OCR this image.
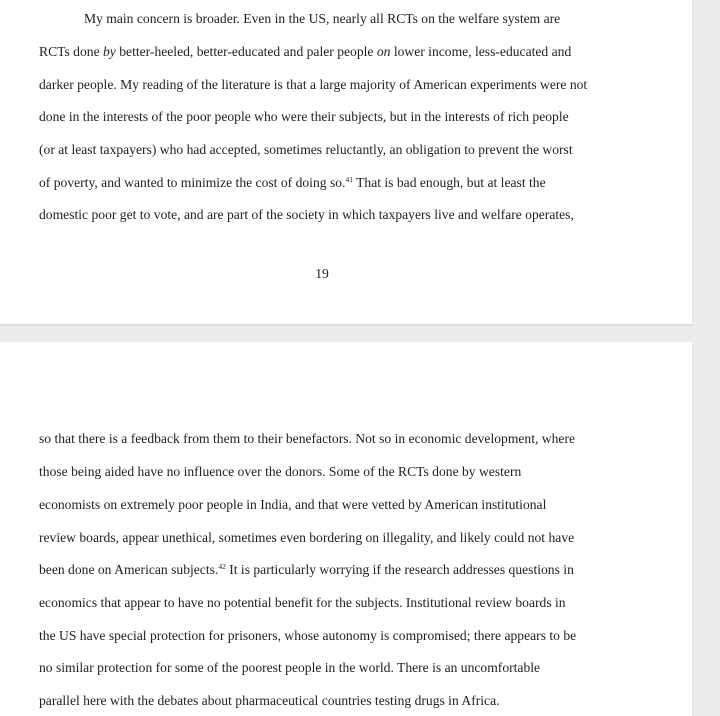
My main concern is broader. Even in the US, nearly all RCTs on the welfare system are

RCTs done by better-heeled, better-educated and paler people on lower income, less-educated and

darker people. My reading of the literature is that a large majority of American experiments were not

done in the interests of the poor people who were their subjects, but in the interests of rich people

(or at least taxpayers) who had accepted, sometimes reluctantly, an obligation to prevent the worst

of poverty, and wanted to minimize the cost of doing so.$^{41}$ That is bad enough, but at least the

domestic poor get to vote, and are part of the society in which taxpayers live and welfare operates,

19

so that there is a feedback from them to their benefactors. Not so in economic development, where

those being aided have no influence over the donors. Some of the RCTs done by western

economists on extremely poor people in India, and that were vetted by American institutional

review boards, appear unethical, sometimes even bordering on illegality, and likely could not have

been done on American subjects.$^{42}$ It is particularly worrying if the research addresses questions in

economics that appear to have no potential benefit for the subjects. Institutional review boards in

the US have special protection for prisoners, whose autonomy is compromised; there appears to be

no similar protection for some of the poorest people in the world. There is an uncomfortable

parallel here with the debates about pharmaceutical countries testing drugs in Africa.
